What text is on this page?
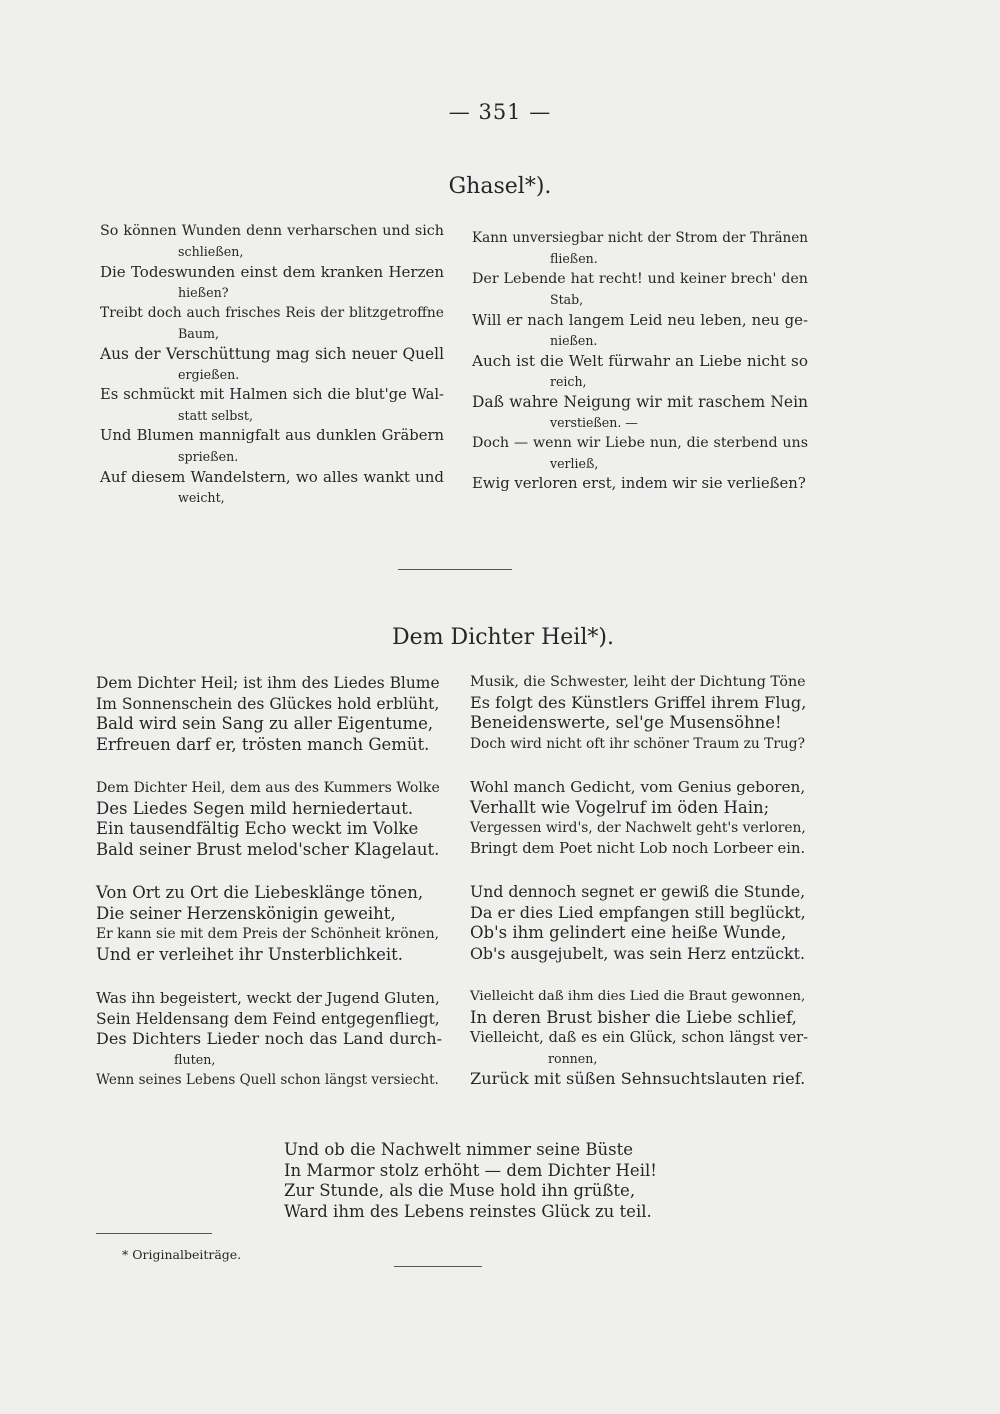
— 351 —
Ghasel*).
So können Wunden denn verharschen und sich
schließen,
Die Todeswunden einst dem kranken Herzen
hießen?
Treibt doch auch frisches Reis der blitzgetroffne
Baum,
Aus der Verschüttung mag sich neuer Quell
ergießen.
Es schmückt mit Halmen sich die blut'ge Wal-
statt selbst,
Und Blumen mannigfalt aus dunklen Gräbern
sprießen.
Auf diesem Wandelstern, wo alles wankt und
weicht,
Kann unversiegbar nicht der Strom der Thränen
fließen.
Der Lebende hat recht! und keiner brech' den
Stab,
Will er nach langem Leid neu leben, neu ge-
nießen.
Auch ist die Welt fürwahr an Liebe nicht so
reich,
Daß wahre Neigung wir mit raschem Nein
verstießen. —
Doch — wenn wir Liebe nun, die sterbend uns
verließ,
Ewig verloren erst, indem wir sie verließen?
Dem Dichter Heil*).
Dem Dichter Heil; ist ihm des Liedes Blume
Im Sonnenschein des Glückes hold erblüht,
Bald wird sein Sang zu aller Eigentume,
Erfreuen darf er, trösten manch Gemüt.
Dem Dichter Heil, dem aus des Kummers Wolke
Des Liedes Segen mild herniedertaut.
Ein tausendfältig Echo weckt im Volke
Bald seiner Brust melod'scher Klagelaut.
Von Ort zu Ort die Liebesklänge tönen,
Die seiner Herzenskönigin geweiht,
Er kann sie mit dem Preis der Schönheit krönen,
Und er verleihet ihr Unsterblichkeit.
Was ihn begeistert, weckt der Jugend Gluten,
Sein Heldensang dem Feind entgegenfliegt,
Des Dichters Lieder noch das Land durch-
fluten,
Wenn seines Lebens Quell schon längst versiecht.
Musik, die Schwester, leiht der Dichtung Töne
Es folgt des Künstlers Griffel ihrem Flug,
Beneidenswerte, sel'ge Musensöhne!
Doch wird nicht oft ihr schöner Traum zu Trug?
Wohl manch Gedicht, vom Genius geboren,
Verhallt wie Vogelruf im öden Hain;
Vergessen wird's, der Nachwelt geht's verloren,
Bringt dem Poet nicht Lob noch Lorbeer ein.
Und dennoch segnet er gewiß die Stunde,
Da er dies Lied empfangen still beglückt,
Ob's ihm gelindert eine heiße Wunde,
Ob's ausgejubelt, was sein Herz entzückt.
Vielleicht daß ihm dies Lied die Braut gewonnen,
In deren Brust bisher die Liebe schlief,
Vielleicht, daß es ein Glück, schon längst ver-
ronnen,
Zurück mit süßen Sehnsuchtslauten rief.
Und ob die Nachwelt nimmer seine Büste
In Marmor stolz erhöht — dem Dichter Heil!
Zur Stunde, als die Muse hold ihn grüßte,
Ward ihm des Lebens reinstes Glück zu teil.
* Originalbeiträge.
